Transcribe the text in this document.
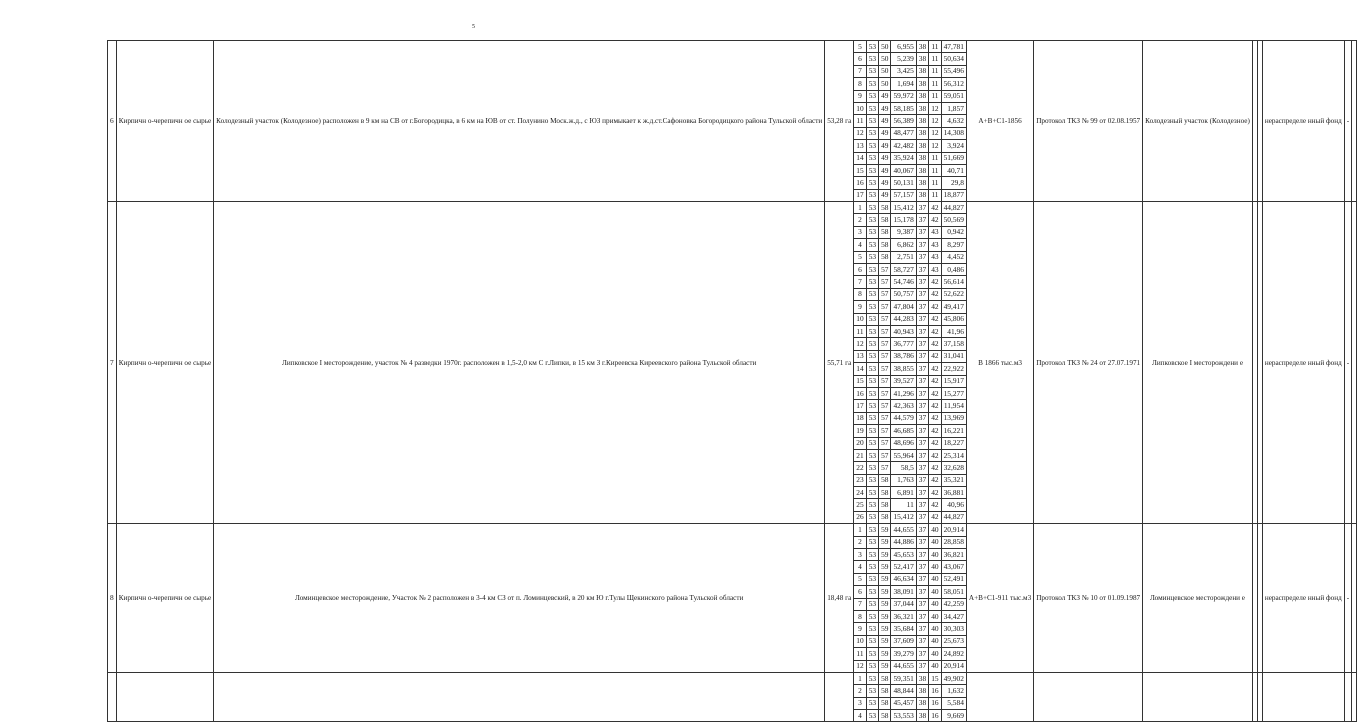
5
6	Кирпичн о-черепичн ое сырье	Колодезный участок (Колодезное) расположен в 9 км на СВ от г.Богородицка, в 6 км на ЮВ от ст. Полунино Моск.ж.д., с ЮЗ примыкает к ж.д.ст.Сафоновка Богородицкого района Тульской области	53,28 га	5	53	50	6,955	38	11	47,781	А+В+С1-1856	Протокол ТКЗ № 99 от 02.08.1957	Колодезный участок (Колодезное)			нераспределе нный фонд	-	
				6	53	50	5,239	38	11	50,634								
				7	53	50	3,425	38	11	55,496								
				8	53	50	1,694	38	11	56,312								
				9	53	49	59,972	38	11	59,051								
				10	53	49	58,185	38	12	1,857								
				11	53	49	56,389	38	12	4,632								
				12	53	49	48,477	38	12	14,308								
				13	53	49	42,482	38	12	3,924								
				14	53	49	35,924	38	11	51,669								
				15	53	49	40,067	38	11	40,71								
				16	53	49	50,131	38	11	29,8								
				17	53	49	57,157	38	11	18,877								
7	Кирпичн о-черепичн ое сырье	Липковское I месторождение, участок № 4 разведки 1970г. расположен в 1,5-2,0 км С г.Липки, в 15 км З г.Киреевска Киреевского района Тульской области	55,71 га	1	53	58	15,412	37	42	44,827	В 1866 тыс.м3	Протокол ТКЗ № 24 от 27.07.1971	Липковское I месторождени е			нераспределе нный фонд	-	
				2	53	58	15,178	37	42	50,569								
				3	53	58	9,387	37	43	0,942								
				4	53	58	6,862	37	43	8,297								
				5	53	58	2,751	37	43	4,452								
				6	53	57	58,727	37	43	0,486								
				7	53	57	54,746	37	42	56,614								
				8	53	57	50,757	37	42	52,622								
				9	53	57	47,804	37	42	49,417								
				10	53	57	44,283	37	42	45,806								
				11	53	57	40,943	37	42	41,96								
				12	53	57	36,777	37	42	37,158								
				13	53	57	38,786	37	42	31,041								
				14	53	57	38,855	37	42	22,922								
				15	53	57	39,527	37	42	15,917								
				16	53	57	41,296	37	42	15,277								
				17	53	57	42,363	37	42	11,954								
				18	53	57	44,579	37	42	13,969								
				19	53	57	46,685	37	42	16,221								
				20	53	57	48,696	37	42	18,227								
				21	53	57	55,964	37	42	25,314								
				22	53	57	58,5	37	42	32,628								
				23	53	58	1,763	37	42	35,321								
				24	53	58	6,891	37	42	36,881								
				25	53	58	11	37	42	40,96								
				26	53	58	15,412	37	42	44,827								
8	Кирпичн о-черепичн ое сырье	Ломинцевское месторождение, Участок № 2 расположен в 3-4 км СЗ от п. Ломинцевский, в 20 км Ю г.Тулы Щекинского района Тульской области	18,48 га	1	53	59	44,655	37	40	20,914	А+В+С1-911 тыс.м3	Протокол ТКЗ № 10 от 01.09.1987	Ломинцевское месторождени е			нераспределе нный фонд	-	
				2	53	59	44,886	37	40	28,858								
				3	53	59	45,653	37	40	36,821								
				4	53	59	52,417	37	40	43,067								
				5	53	59	46,634	37	40	52,491								
				6	53	59	38,091	37	40	58,051								
				7	53	59	37,044	37	40	42,259								
				8	53	59	36,321	37	40	34,427								
				9	53	59	35,684	37	40	30,303								
				10	53	59	37,609	37	40	25,673								
				11	53	59	39,279	37	40	24,892								
				12	53	59	44,655	37	40	20,914								
				1	53	58	59,351	38	15	49,902								
				2	53	58	48,844	38	16	1,632								
				3	53	58	45,457	38	16	5,584								
				4	53	58	53,553	38	16	9,669								
